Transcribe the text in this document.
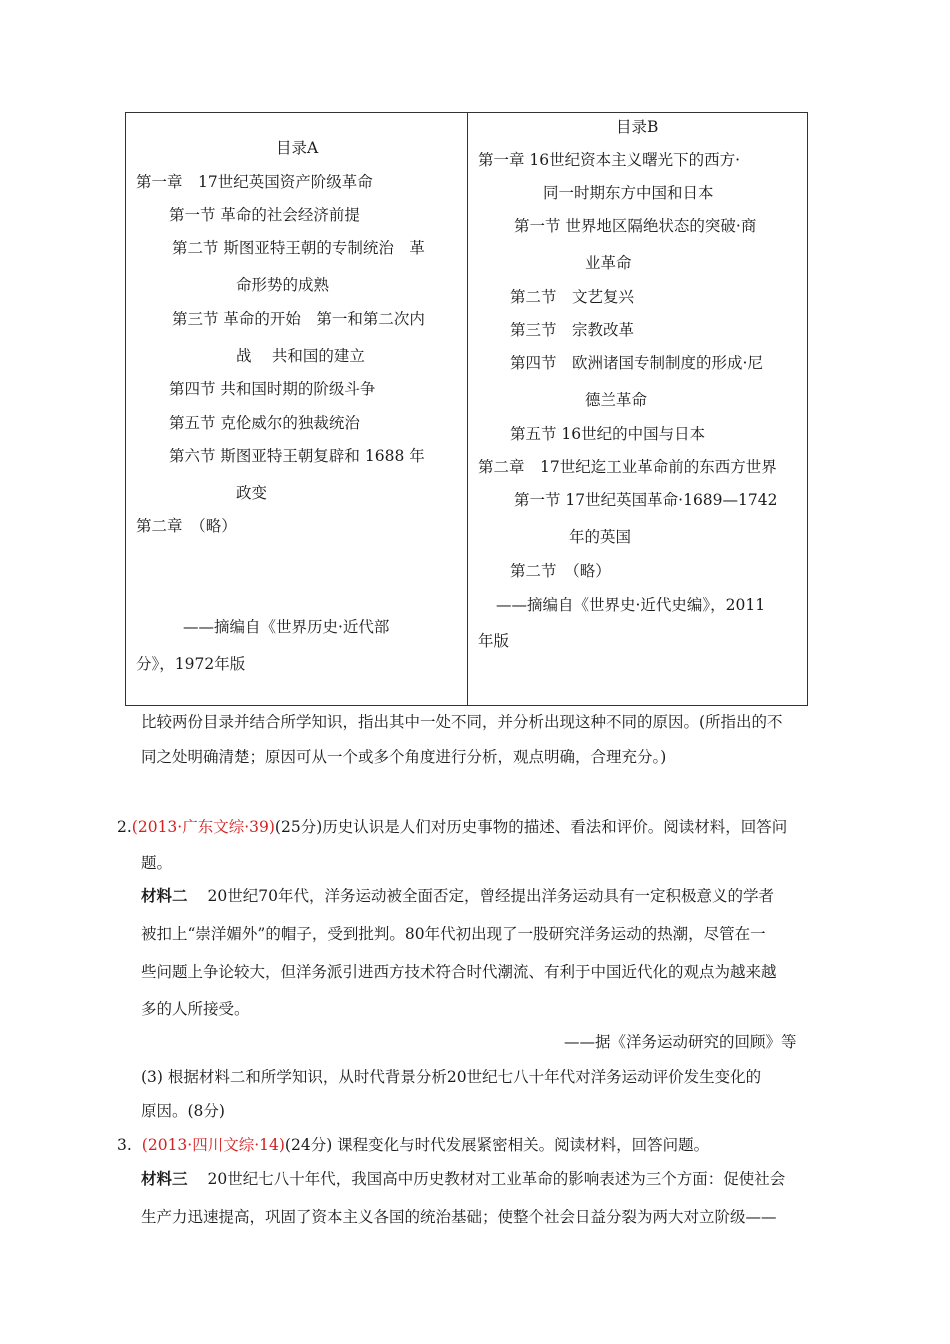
目录A
第一章　17世纪英国资产阶级革命
第一节 革命的社会经济前提
第二节 斯图亚特王朝的专制统治　革
命形势的成熟
第三节 革命的开始　第一和第二次内
战　 共和国的建立
第四节 共和国时期的阶级斗争
第五节 克伦威尔的独裁统治
第六节 斯图亚特王朝复辟和 1688 年
政变
第二章　（略）
——摘编自《世界历史·近代部
分》，1972年版
目录B
第一章 16世纪资本主义曙光下的西方·
同一时期东方中国和日本
第一节 世界地区隔绝状态的突破·商
业革命
第二节　文艺复兴
第三节　宗教改革
第四节　欧洲诸国专制制度的形成·尼
德兰革命
第五节 16世纪的中国与日本
第二章　17世纪迄工业革命前的东西方世界
第一节 17世纪英国革命·1689—1742
年的英国
第二节　（略）
——摘编自《世界史·近代史编》，2011
年版
比较两份目录并结合所学知识，指出其中一处不同，并分析出现这种不同的原因。(所指出的不
同之处明确清楚；原因可从一个或多个角度进行分析，观点明确，合理充分。)
2.(2013·广东文综·39)(25分)历史认识是人们对历史事物的描述、看法和评价。阅读材料，回答问
题。
材料二 20世纪70年代，洋务运动被全面否定，曾经提出洋务运动具有一定积极意义的学者
被扣上“崇洋媚外”的帽子，受到批判。80年代初出现了一股研究洋务运动的热潮，尽管在一
些问题上争论较大，但洋务派引进西方技术符合时代潮流、有利于中国近代化的观点为越来越
多的人所接受。
——据《洋务运动研究的回顾》等
(3) 根据材料二和所学知识，从时代背景分析20世纪七八十年代对洋务运动评价发生变化的
原因。(8分)
3. (2013·四川文综·14)(24分) 课程变化与时代发展紧密相关。阅读材料，回答问题。
材料三 20世纪七八十年代，我国高中历史教材对工业革命的影响表述为三个方面：促使社会
生产力迅速提高，巩固了资本主义各国的统治基础；使整个社会日益分裂为两大对立阶级——
